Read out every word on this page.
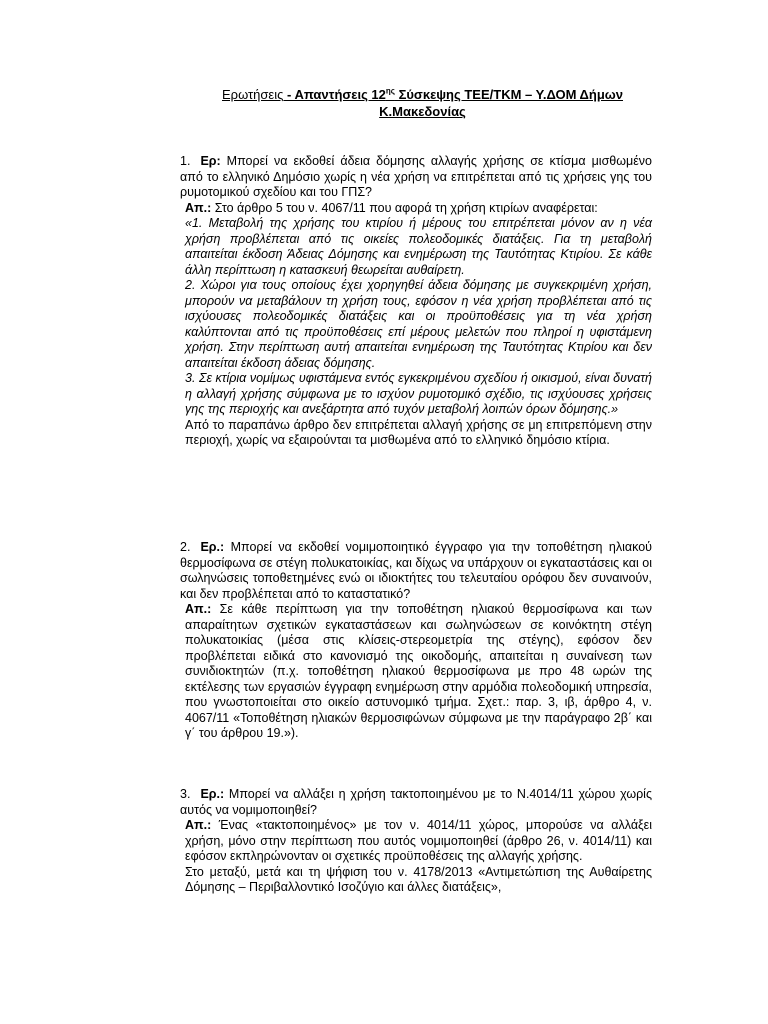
Ερωτήσεις - Απαντήσεις $12^{\eta\varsigma}$ Σύσκεψης ΤΕΕ/ΤΚΜ – Υ.ΔΟΜ Δήμων
Κ.Μακεδονίας

1. Ερ: Μπορεί να εκδοθεί άδεια δόμησης αλλαγής χρήσης σε κτίσμα μισθωμένο από το ελληνικό Δημόσιο χωρίς η νέα χρήση να επιτρέπεται από τις χρήσεις γης του ρυμοτομικού σχεδίου και του ΓΠΣ?

Απ.: Στο άρθρο 5 του ν. 4067/11 που αφορά τη χρήση κτιρίων αναφέρεται:

«1. Μεταβολή της χρήσης του κτιρίου ή μέρους του επιτρέπεται μόνον αν η νέα χρήση προβλέπεται από τις οικείες πολεοδομικές διατάξεις. Για τη μεταβολή απαιτείται έκδοση Άδειας Δόμησης και ενημέρωση της Ταυτότητας Κτιρίου. Σε κάθε άλλη περίπτωση η κατασκευή θεωρείται αυθαίρετη.

2. Χώροι για τους οποίους έχει χορηγηθεί άδεια δόμησης με συγκεκριμένη χρήση, μπορούν να μεταβάλουν τη χρήση τους, εφόσον η νέα χρήση προβλέπεται από τις ισχύουσες πολεοδομικές διατάξεις και οι προϋποθέσεις για τη νέα χρήση καλύπτονται από τις προϋποθέσεις επί μέρους μελετών που πληροί η υφιστάμενη χρήση. Στην περίπτωση αυτή απαιτείται ενημέρωση της Ταυτότητας Κτιρίου και δεν απαιτείται έκδοση άδειας δόμησης.

3. Σε κτίρια νομίμως υφιστάμενα εντός εγκεκριμένου σχεδίου ή οικισμού, είναι δυνατή η αλλαγή χρήσης σύμφωνα με το ισχύον ρυμοτομικό σχέδιο, τις ισχύουσες χρήσεις γης της περιοχής και ανεξάρτητα από τυχόν μεταβολή λοιπών όρων δόμησης.»

Από το παραπάνω άρθρο δεν επιτρέπεται αλλαγή χρήσης σε μη επιτρεπόμενη στην περιοχή, χωρίς να εξαιρούνται τα μισθωμένα από το ελληνικό δημόσιο κτίρια.

2. Ερ.: Μπορεί να εκδοθεί νομιμοποιητικό έγγραφο για την τοποθέτηση ηλιακού θερμοσίφωνα σε στέγη πολυκατοικίας, και δίχως να υπάρχουν οι εγκαταστάσεις και οι σωληνώσεις τοποθετημένες ενώ οι ιδιοκτήτες του τελευταίου ορόφου δεν συναινούν, και δεν προβλέπεται από το καταστατικό?

Απ.: Σε κάθε περίπτωση για την τοποθέτηση ηλιακού θερμοσίφωνα και των απαραίτητων σχετικών εγκαταστάσεων και σωληνώσεων σε κοινόκτητη στέγη πολυκατοικίας (μέσα στις κλίσεις-στερεομετρία της στέγης), εφόσον δεν προβλέπεται ειδικά στο κανονισμό της οικοδομής, απαιτείται η συναίνεση των συνιδιοκτητών (π.χ. τοποθέτηση ηλιακού θερμοσίφωνα με προ 48 ωρών της εκτέλεσης των εργασιών έγγραφη ενημέρωση στην αρμόδια πολεοδομική υπηρεσία, που γνωστοποιείται στο οικείο αστυνομικό τμήμα. Σχετ.: παρ. 3, ιβ, άρθρο 4, ν. 4067/11 «Τοποθέτηση ηλιακών θερμοσιφώνων σύμφωνα με την παράγραφο 2β΄ και γ΄ του άρθρου 19.»).

3. Ερ.: Μπορεί να αλλάξει η χρήση τακτοποιημένου με το Ν.4014/11 χώρου χωρίς αυτός να νομιμοποιηθεί?

Απ.: Ένας «τακτοποιημένος» με τον ν. 4014/11 χώρος, μπορούσε να αλλάξει χρήση, μόνο στην περίπτωση που αυτός νομιμοποιηθεί (άρθρο 26, ν. 4014/11) και εφόσον εκπληρώνονταν οι σχετικές προϋποθέσεις της αλλαγής χρήσης.

Στο μεταξύ, μετά και τη ψήφιση του ν. 4178/2013 «Αντιμετώπιση της Αυθαίρετης Δόμησης – Περιβαλλοντικό Ισοζύγιο και άλλες διατάξεις»,
